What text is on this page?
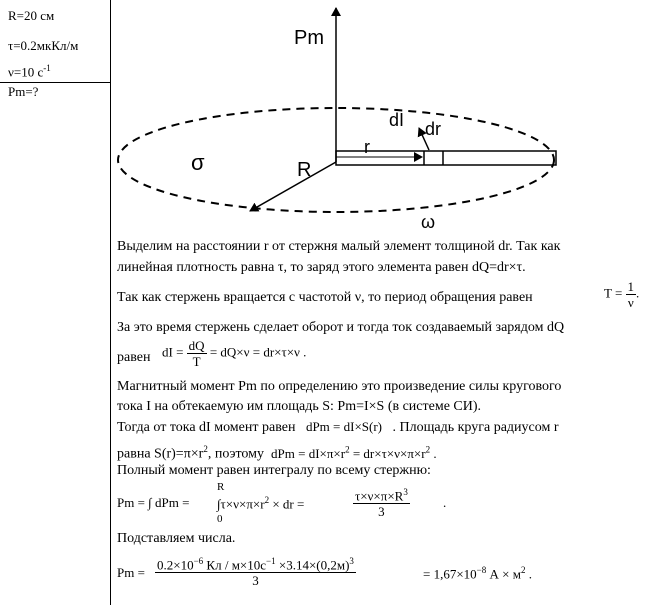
R=20 см
τ=0.2мкКл/м
ν=10 $с^{-1}$
Pm=?
Pm
r
dI dr
R
σ
ω
Выделим на расстоянии r от стержня малый элемент толщиной dr. Так как
линейная плотность равна τ, то заряд этого элемента равен dQ=dr×τ.
Так как стержень вращается с частотой ν, то период обращения равен	$T = \frac{1}{\nu}$ .
За это время стержень сделает оборот и тогда ток создаваемый зарядом dQ
равен dI = $\frac{dQ}{T} = dQ\times\nu = dr\times\tau\times\nu$ .
Магнитный момент Pm по определению это произведение силы кругового
тока I на обтекаемую им площадь S: Pm=I×S (в системе СИ).
Тогда от тока dI момент равен dPm = dI×S(r) . Площадь круга радиусом r
равна $S(r)=\pi\times r^2$, поэтому dPm = $dI\times\pi\times r^2 = dr\times\tau\times\nu\times\pi\times r^2$ .
Полный момент равен интегралу по всему стержню:
Pm = ∫ dPm =
R
0
$\int\tau\times\nu\times\pi\times r^2$ × dr =	$\frac{\tau\times\nu\times\pi\times R^3}{3}$	.
Подставляем числа.
Pm =
$0.2\times 10^{-6}$ Кл / $м\times 10с^{-1} \times 3.14\times(0,2м)^3$
3	= $1,67\times 10^{-8}$ $А \times м^2$ .
